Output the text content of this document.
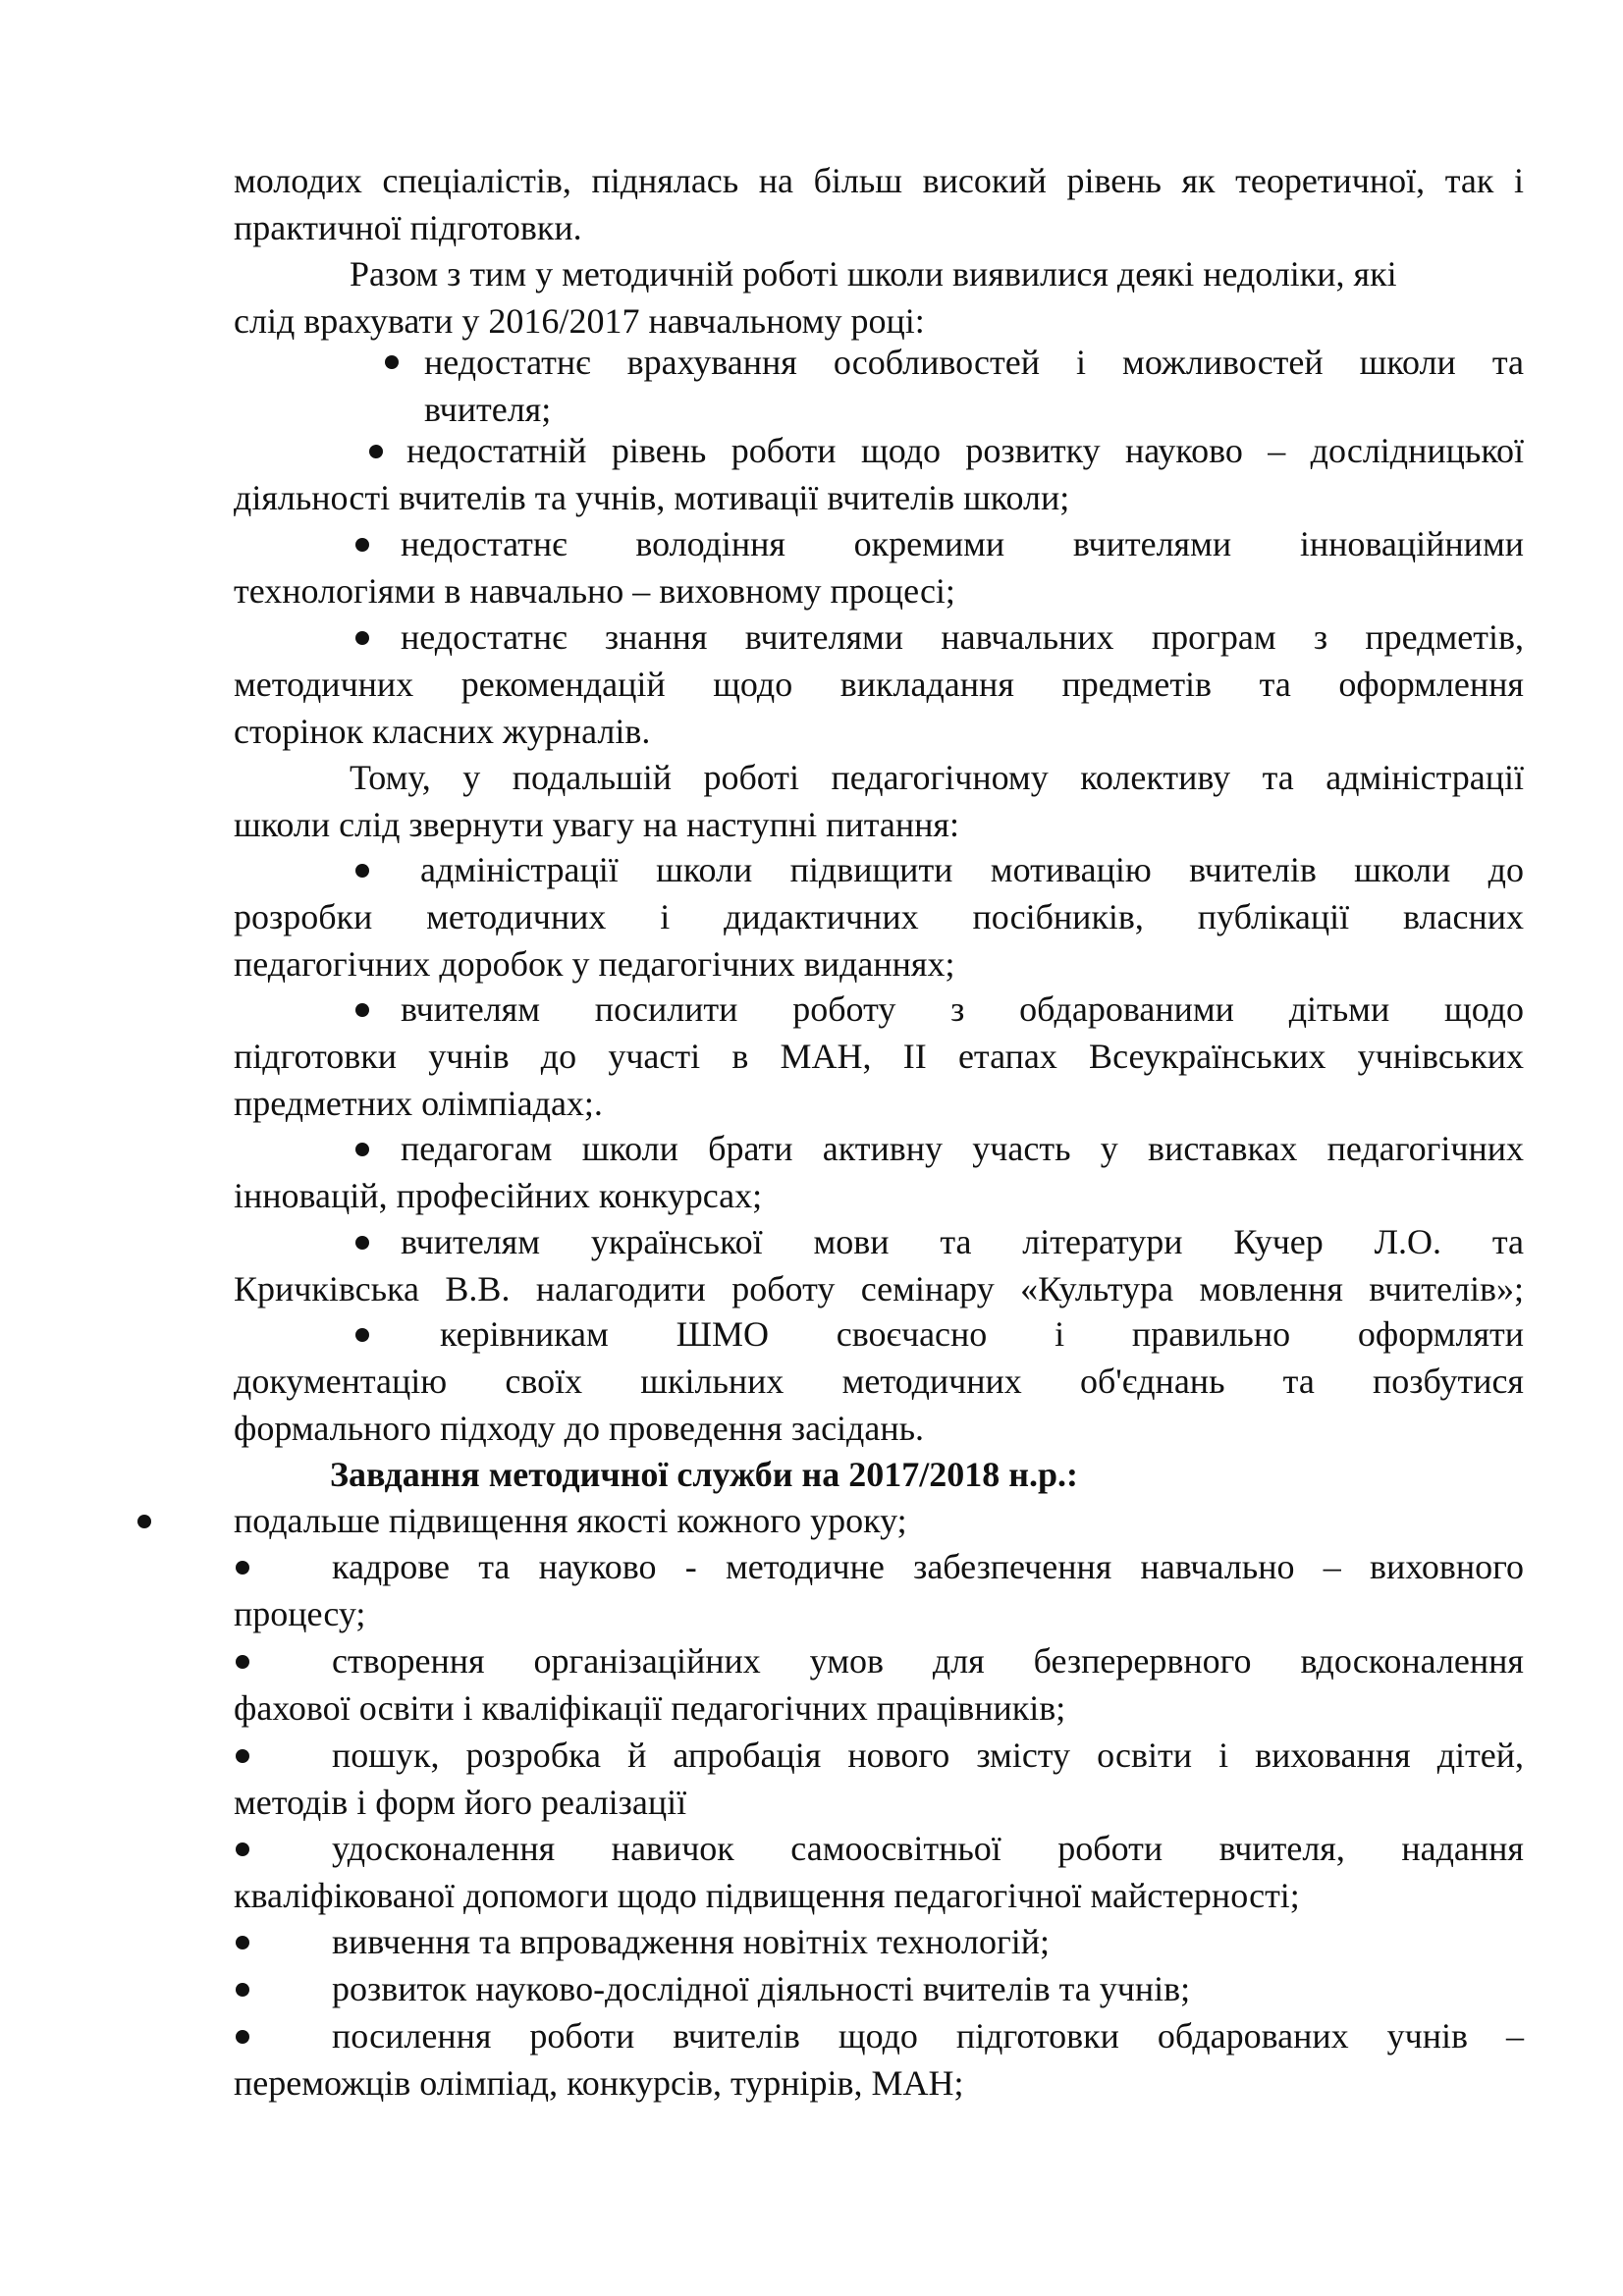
молодих спеціалістів, піднялась на більш високий рівень як теоретичної, так і
практичної підготовки.
Разом з тим у методичній роботі школи виявилися деякі недоліки, які
слід врахувати у 2016/2017 навчальному році:
недостатнє врахування особливостей і можливостей школи та
вчителя;
недостатній рівень роботи щодо розвитку науково – дослідницької
діяльності вчителів та учнів, мотивації вчителів школи;
недостатнє володіння окремими вчителями інноваційними
технологіями в навчально – виховному процесі;
недостатнє знання вчителями навчальних програм з предметів,
методичних рекомендацій щодо викладання предметів та оформлення
сторінок класних журналів.
Тому, у подальшій роботі педагогічному колективу та адміністрації
школи слід звернути увагу на наступні питання:
адміністрації школи підвищити мотивацію вчителів школи до
розробки методичних і дидактичних посібників, публікації власних
педагогічних доробок у педагогічних виданнях;
вчителям посилити роботу з обдарованими дітьми щодо
підготовки учнів до участі в МАН, ІІ етапах Всеукраїнських учнівських
предметних олімпіадах;.
педагогам школи брати активну участь у виставках педагогічних
інновацій, професійних конкурсах;
вчителям української мови та літератури Кучер Л.О. та
Кричківська В.В. налагодити роботу семінару «Культура мовлення вчителів»;
керівникам ШМО своєчасно і правильно оформляти
документацію своїх шкільних методичних об'єднань та позбутися
формального підходу до проведення засідань.
Завдання методичної служби на 2017/2018 н.р.:
подальше підвищення якості кожного уроку;
кадрове та науково - методичне забезпечення навчально – виховного
процесу;
створення організаційних умов для безперервного вдосконалення
фахової освіти і кваліфікації педагогічних працівників;
пошук, розробка й апробація нового змісту освіти і виховання дітей,
методів і форм його реалізації
удосконалення навичок самоосвітньої роботи вчителя, надання
кваліфікованої допомоги щодо підвищення педагогічної майстерності;
вивчення та впровадження новітніх технологій;
розвиток науково-дослідної діяльності вчителів та учнів;
посилення роботи вчителів щодо підготовки обдарованих учнів –
переможців олімпіад, конкурсів, турнірів, МАН;
